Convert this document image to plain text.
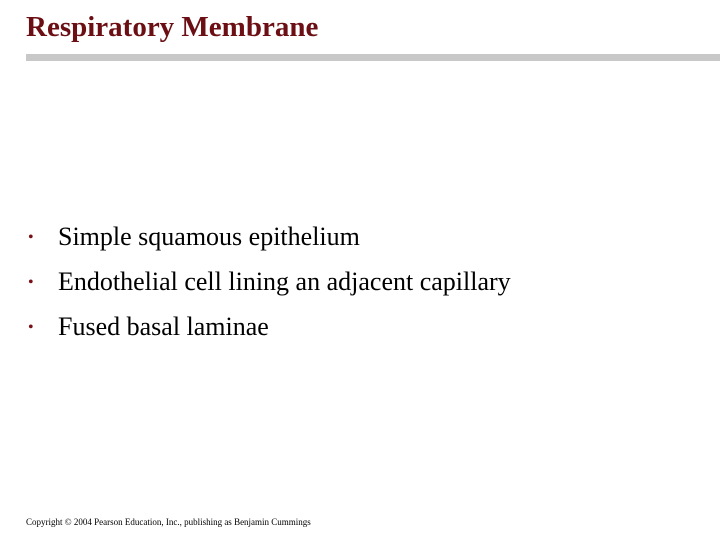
Respiratory Membrane
• Simple squamous epithelium
• Endothelial cell lining an adjacent capillary
• Fused basal laminae
Copyright © 2004 Pearson Education, Inc., publishing as Benjamin Cummings
